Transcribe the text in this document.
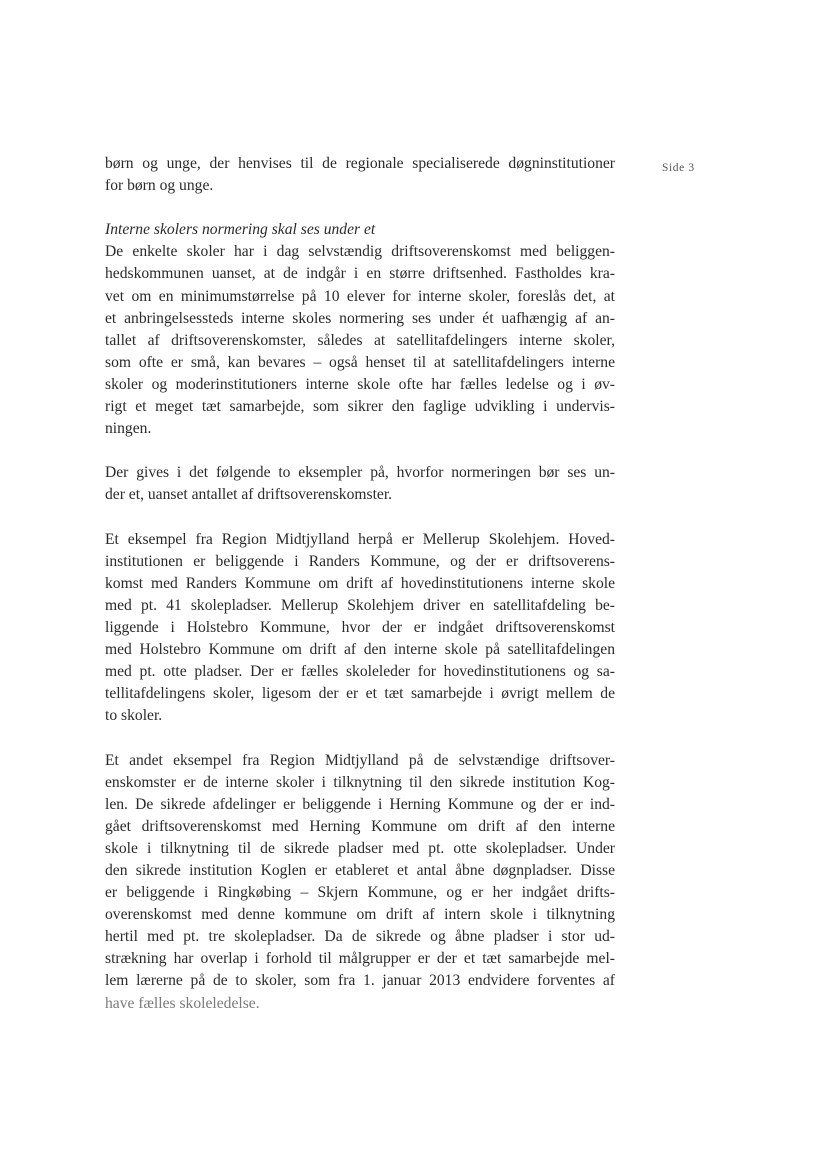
Side 3
børn og unge, der henvises til de regionale specialiserede døgninstitutioner
for børn og unge.
Interne skolers normering skal ses under et
De enkelte skoler har i dag selvstændig driftsoverenskomst med beliggen-
hedskommunen uanset, at de indgår i en større driftsenhed. Fastholdes kra-
vet om en minimumstørrelse på 10 elever for interne skoler, foreslås det, at
et anbringelsessteds interne skoles normering ses under ét uafhængig af an-
tallet af driftsoverenskomster, således at satellitafdelingers interne skoler,
som ofte er små, kan bevares – også henset til at satellitafdelingers interne
skoler og moderinstitutioners interne skole ofte har fælles ledelse og i øv-
rigt et meget tæt samarbejde, som sikrer den faglige udvikling i undervis-
ningen.
Der gives i det følgende to eksempler på, hvorfor normeringen bør ses un-
der et, uanset antallet af driftsoverenskomster.
Et eksempel fra Region Midtjylland herpå er Mellerup Skolehjem. Hoved-
institutionen er beliggende i Randers Kommune, og der er driftsoverens-
komst med Randers Kommune om drift af hovedinstitutionens interne skole
med pt. 41 skolepladser. Mellerup Skolehjem driver en satellitafdeling be-
liggende i Holstebro Kommune, hvor der er indgået driftsoverenskomst
med Holstebro Kommune om drift af den interne skole på satellitafdelingen
med pt. otte pladser. Der er fælles skoleleder for hovedinstitutionens og sa-
tellitafdelingens skoler, ligesom der er et tæt samarbejde i øvrigt mellem de
to skoler.
Et andet eksempel fra Region Midtjylland på de selvstændige driftsover-
enskomster er de interne skoler i tilknytning til den sikrede institution Kog-
len. De sikrede afdelinger er beliggende i Herning Kommune og der er ind-
gået driftsoverenskomst med Herning Kommune om drift af den interne
skole i tilknytning til de sikrede pladser med pt. otte skolepladser. Under
den sikrede institution Koglen er etableret et antal åbne døgnpladser. Disse
er beliggende i Ringkøbing – Skjern Kommune, og er her indgået drifts-
overenskomst med denne kommune om drift af intern skole i tilknytning
hertil med pt. tre skolepladser. Da de sikrede og åbne pladser i stor ud-
strækning har overlap i forhold til målgrupper er der et tæt samarbejde mel-
lem lærerne på de to skoler, som fra 1. januar 2013 endvidere forventes af
have fælles skoleledelse.
